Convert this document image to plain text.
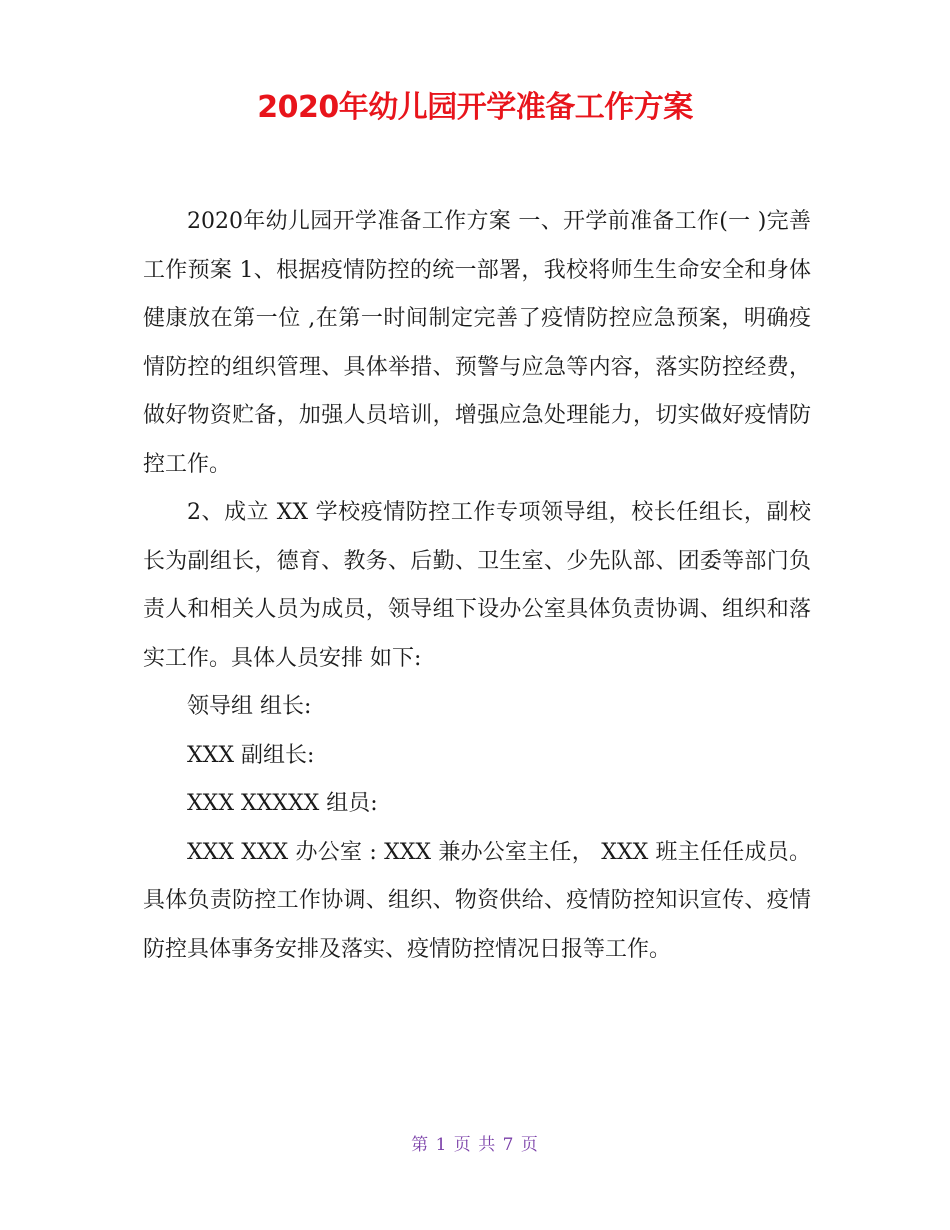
2020年幼儿园开学准备工作方案

2020年幼儿园开学准备工作方案 一、开学前准备工作(一 )完善工作预案 1、根据疫情防控的统一部署，我校将师生生命安全和身体健康放在第一位 ,在第一时间制定完善了疫情防控应急预案，明确疫情防控的组织管理、具体举措、预警与应急等内容，落实防控经费，做好物资贮备，加强人员培训，增强应急处理能力，切实做好疫情防控工作。

2、成立 XX 学校疫情防控工作专项领导组，校长任组长，副校长为副组长，德育、教务、后勤、卫生室、少先队部、团委等部门负责人和相关人员为成员，领导组下设办公室具体负责协调、组织和落实工作。具体人员安排 如下:

领导组 组长:

XXX 副组长:

XXX XXXXX 组员:

XXX XXX 办公室 : XXX 兼办公室主任， XXX 班主任任成员。具体负责防控工作协调、组织、物资供给、疫情防控知识宣传、疫情防控具体事务安排及落实、疫情防控情况日报等工作。

第 1 页 共 7 页
